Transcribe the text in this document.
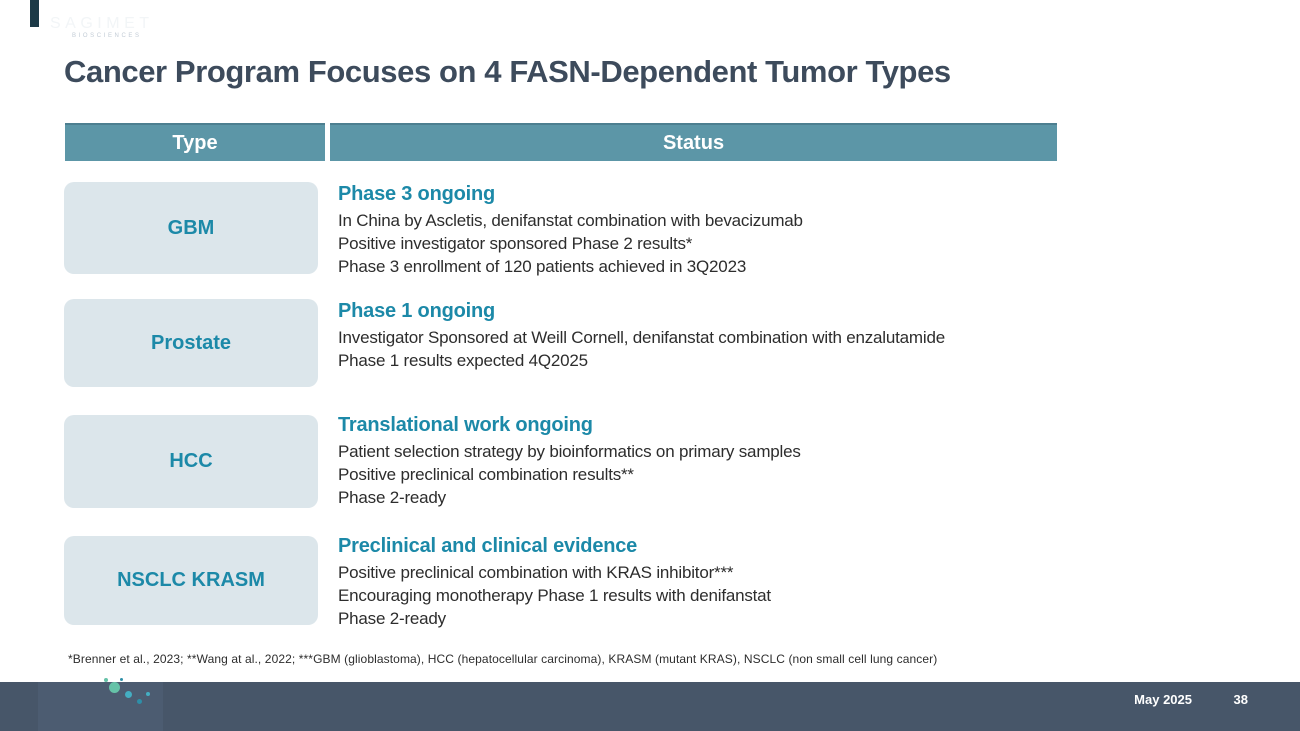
Cancer Program Focuses on 4 FASN-Dependent Tumor Types
Type	Status
GBM
Phase 3 ongoing
In China by Ascletis, denifanstat combination with bevacizumab
Positive investigator sponsored Phase 2 results*
Phase 3 enrollment of 120 patients achieved in 3Q2023
Prostate
Phase 1 ongoing
Investigator Sponsored at Weill Cornell, denifanstat combination with enzalutamide
Phase 1 results expected 4Q2025
HCC
Translational work ongoing
Patient selection strategy by bioinformatics on primary samples
Positive preclinical combination results**
Phase 2-ready
NSCLC KRASM
Preclinical and clinical evidence
Positive preclinical combination with KRAS inhibitor***
Encouraging monotherapy Phase 1 results with denifanstat
Phase 2-ready
*Brenner et al., 2023; **Wang at al., 2022; ***GBM (glioblastoma), HCC (hepatocellular carcinoma), KRASM (mutant KRAS), NSCLC (non small cell lung cancer)
SAGIMET
BIOSCIENCES
May 2025	38
